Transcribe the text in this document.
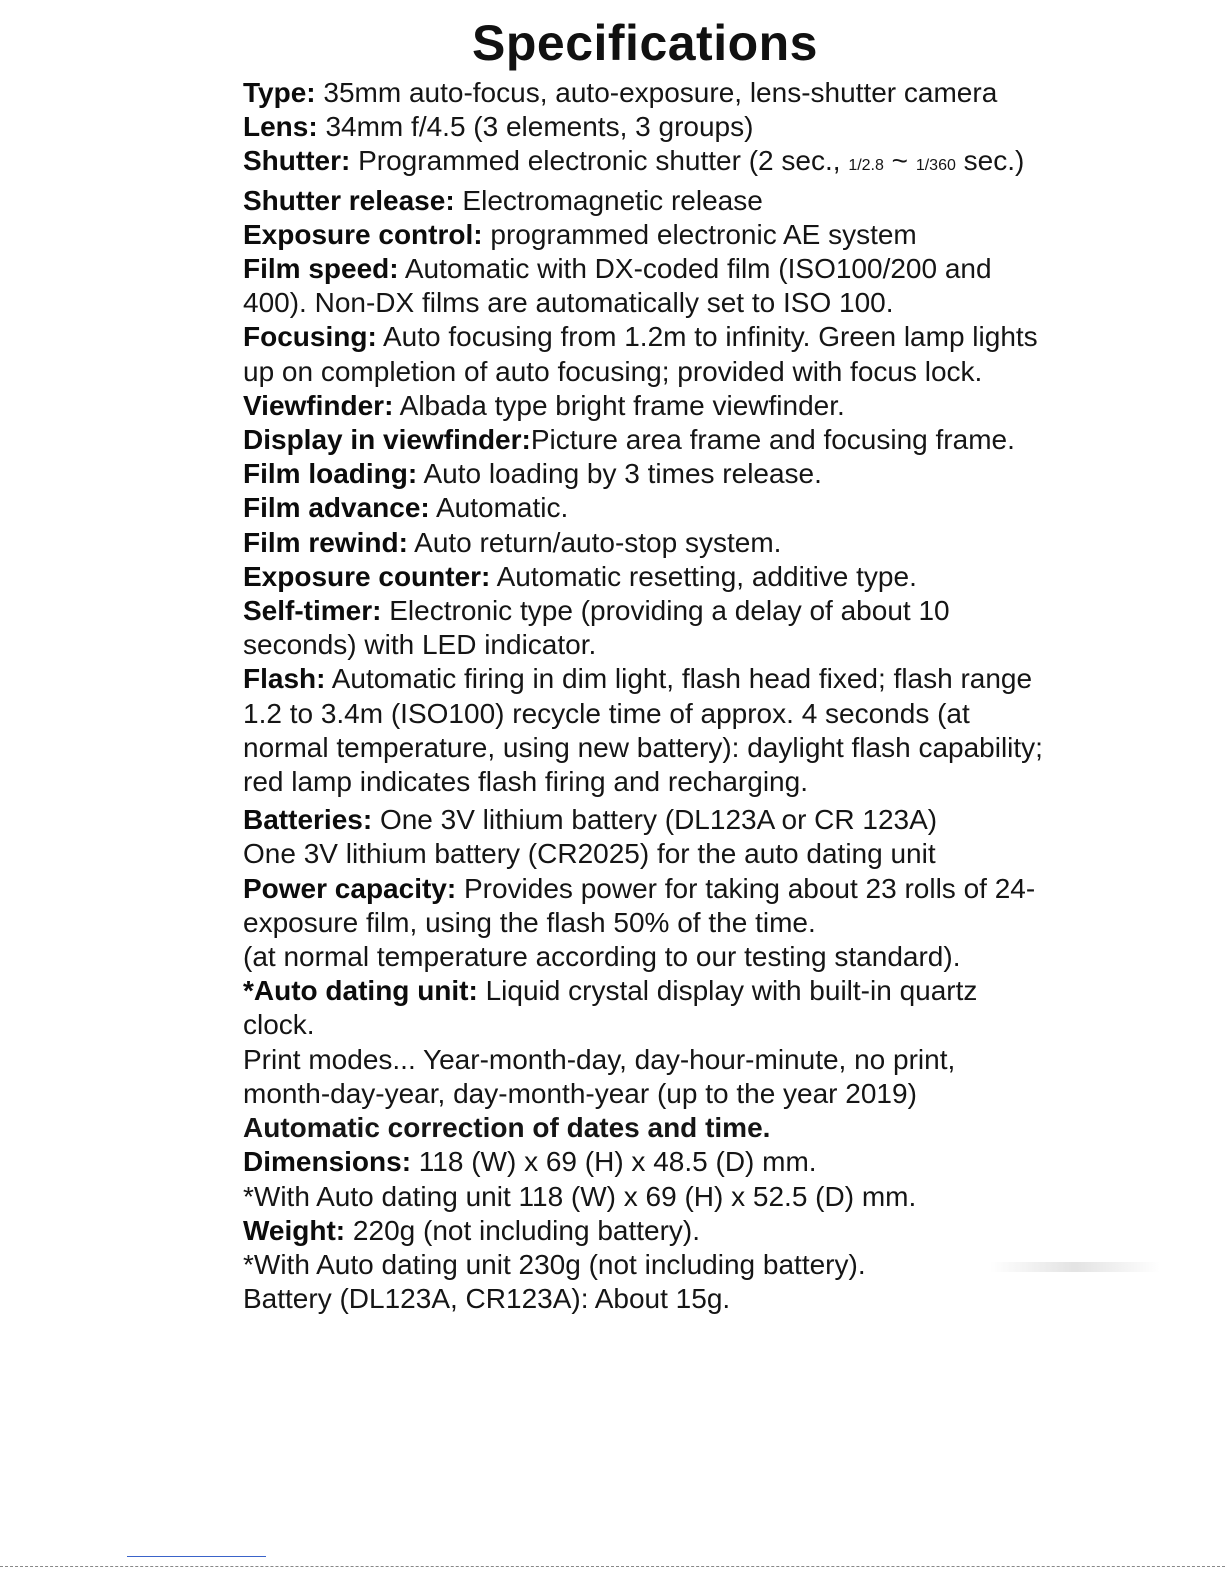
Specifications

Type: 35mm auto-focus, auto-exposure, lens-shutter camera

Lens: 34mm f/4.5 (3 elements, 3 groups)

Shutter: Programmed electronic shutter (2 sec., 1/2.8 ~ 1/360 sec.)

Shutter release: Electromagnetic release

Exposure control: programmed electronic AE system

Film speed: Automatic with DX-coded film (ISO100/200 and 400). Non-DX films are automatically set to ISO 100.

Focusing: Auto focusing from 1.2m to infinity. Green lamp lights up on completion of auto focusing; provided with focus lock.

Viewfinder: Albada type bright frame viewfinder.

Display in viewfinder:Picture area frame and focusing frame.

Film loading: Auto loading by 3 times release.

Film advance: Automatic.

Film rewind: Auto return/auto-stop system.

Exposure counter: Automatic resetting, additive type.

Self-timer: Electronic type (providing a delay of about 10 seconds) with LED indicator.

Flash: Automatic firing in dim light, flash head fixed; flash range 1.2 to 3.4m (ISO100) recycle time of approx. 4 seconds (at normal temperature, using new battery): daylight flash capability; red lamp indicates flash firing and recharging.

Batteries: One 3V lithium battery (DL123A or CR 123A)

One 3V lithium battery (CR2025) for the auto dating unit

Power capacity: Provides power for taking about 23 rolls of 24-exposure film, using the flash 50% of the time.

(at normal temperature according to our testing standard).

*Auto dating unit: Liquid crystal display with built-in quartz clock.

Print modes... Year-month-day, day-hour-minute, no print, month-day-year, day-month-year (up to the year 2019)

Automatic correction of dates and time.

Dimensions: 118 (W) x 69 (H) x 48.5 (D) mm.

*With Auto dating unit 118 (W) x 69 (H) x 52.5 (D) mm.

Weight: 220g (not including battery).

*With Auto dating unit 230g (not including battery).

Battery (DL123A, CR123A): About 15g.
